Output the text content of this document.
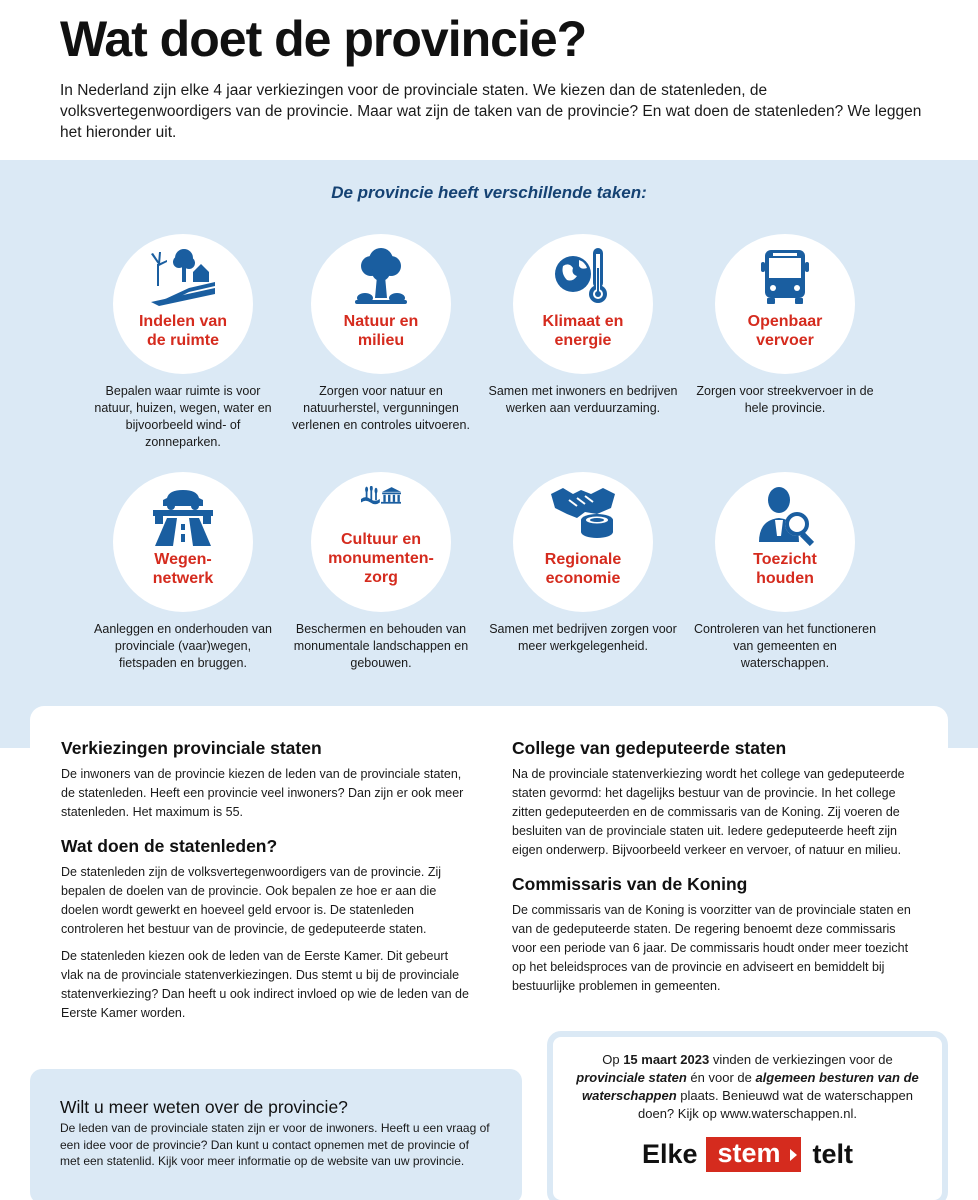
Wat doet de provincie?

In Nederland zijn elke 4 jaar verkiezingen voor de provinciale staten. We kiezen dan de statenleden, de volksvertegenwoordigers van de provincie. Maar wat zijn de taken van de provincie? En wat doen de statenleden? We leggen het hieronder uit.

De provincie heeft verschillende taken:
Indelen van
de ruimte
Bepalen waar ruimte is voor natuur, huizen, wegen, water en bijvoorbeeld wind- of zonneparken.
Natuur en
milieu
Zorgen voor natuur en natuurherstel, vergunningen verlenen en controles uitvoeren.
Klimaat en
energie
Samen met inwoners en bedrijven werken aan verduurzaming.
Openbaar
vervoer
Zorgen voor streekvervoer in de hele provincie.
Wegen-
netwerk
Aanleggen en onderhouden van provinciale (vaar)wegen, fietspaden en bruggen.
Cultuur en
monumenten-
zorg
Beschermen en behouden van monumentale landschappen en gebouwen.
Regionale
economie
Samen met bedrijven zorgen voor meer werkgelegenheid.
Toezicht
houden
Controleren van het functioneren van gemeenten en waterschappen.
Verkiezingen provinciale staten

De inwoners van de provincie kiezen de leden van de provinciale staten, de statenleden. Heeft een provincie veel inwoners? Dan zijn er ook meer statenleden. Het maximum is 55.

Wat doen de statenleden?

De statenleden zijn de volksvertegenwoordigers van de provincie. Zij bepalen de doelen van de provincie. Ook bepalen ze hoe er aan die doelen wordt gewerkt en hoeveel geld ervoor is. De statenleden controleren het bestuur van de provincie, de gedeputeerde staten.

De statenleden kiezen ook de leden van de Eerste Kamer. Dit gebeurt vlak na de provinciale statenverkiezingen. Dus stemt u bij de provinciale statenverkiezing? Dan heeft u ook indirect invloed op wie de leden van de Eerste Kamer worden.

College van gedeputeerde staten

Na de provinciale statenverkiezing wordt het college van gedeputeerde staten gevormd: het dagelijks bestuur van de provincie. In het college zitten gedeputeerden en de commissaris van de Koning. Zij voeren de besluiten van de provinciale staten uit. Iedere gedeputeerde heeft zijn eigen onderwerp. Bijvoorbeeld verkeer en vervoer, of natuur en milieu.

Commissaris van de Koning

De commissaris van de Koning is voorzitter van de provinciale staten en van de gedeputeerde staten. De regering benoemt deze commissaris voor een periode van 6 jaar. De commissaris houdt onder meer toezicht op het beleidsproces van de provincie en adviseert en bemiddelt bij bestuurlijke problemen in gemeenten.

Wilt u meer weten over de provincie?

De leden van de provinciale staten zijn er voor de inwoners. Heeft u een vraag of een idee voor de provincie? Dan kunt u contact opnemen met de provincie of met een statenlid. Kijk voor meer informatie op de website van uw provincie.

Op 15 maart 2023 vinden de verkiezingen voor de provinciale staten én voor de algemeen besturen van de waterschappen plaats. Benieuwd wat de waterschappen doen? Kijk op www.waterschappen.nl.
Elke stem	telt
